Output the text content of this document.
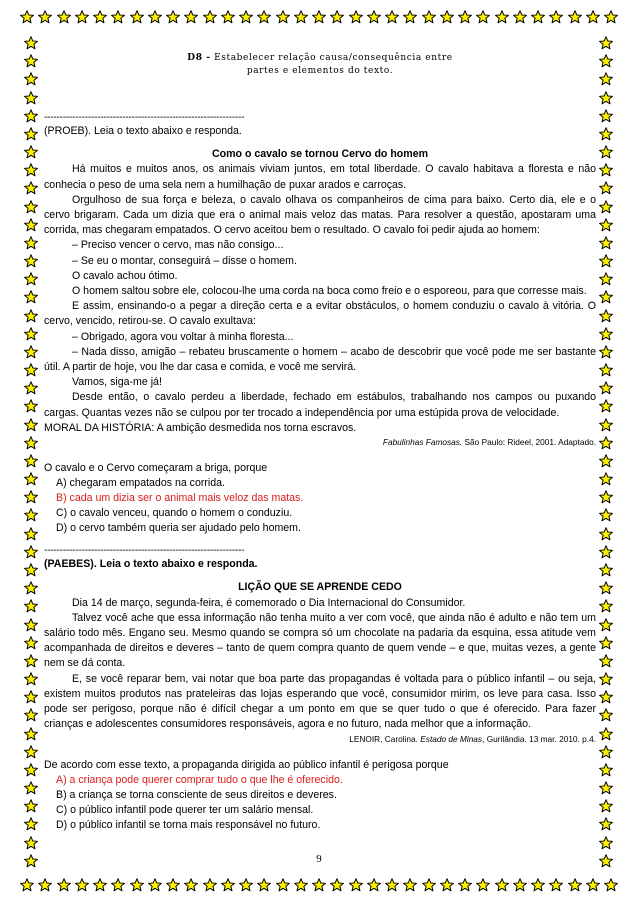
D8 - Estabelecer relação causa/consequência entre
partes e elementos do texto.
----------------------------------------------------------------

(PROEB). Leia o texto abaixo e responda.

Como o cavalo se tornou Cervo do homem

Há muitos e muitos anos, os animais viviam juntos, em total liberdade. O cavalo habitava a floresta e não conhecia o peso de uma sela nem a humilhação de puxar arados e carroças.

Orgulhoso de sua força e beleza, o cavalo olhava os companheiros de cima para baixo. Certo dia, ele e o cervo brigaram. Cada um dizia que era o animal mais veloz das matas. Para resolver a questão, apostaram uma corrida, mas chegaram empatados. O cervo aceitou bem o resultado. O cavalo foi pedir ajuda ao homem:

– Preciso vencer o cervo, mas não consigo...

– Se eu o montar, conseguirá – disse o homem.

O cavalo achou ótimo.

O homem saltou sobre ele, colocou-lhe uma corda na boca como freio e o esporeou, para que corresse mais.

E assim, ensinando-o a pegar a direção certa e a evitar obstáculos, o homem conduziu o cavalo à vitória. O cervo, vencido, retirou-se. O cavalo exultava:

– Obrigado, agora vou voltar à minha floresta...

– Nada disso, amigão – rebateu bruscamente o homem – acabo de descobrir que você pode me ser bastante útil. A partir de hoje, vou lhe dar casa e comida, e você me servirá.

Vamos, siga-me já!

Desde então, o cavalo perdeu a liberdade, fechado em estábulos, trabalhando nos campos ou puxando cargas. Quantas vezes não se culpou por ter trocado a independência por uma estúpida prova de velocidade.

MORAL DA HISTÓRIA: A ambição desmedida nos torna escravos.

Fabulinhas Famosas. São Paulo: Rideel, 2001. Adaptado.

O cavalo e o Cervo começaram a briga, porque

A) chegaram empatados na corrida.

B) cada um dizia ser o animal mais veloz das matas.

C) o cavalo venceu, quando o homem o conduziu.

D) o cervo também queria ser ajudado pelo homem.

----------------------------------------------------------------

(PAEBES). Leia o texto abaixo e responda.

LIÇÃO QUE SE APRENDE CEDO

Dia 14 de março, segunda-feira, é comemorado o Dia Internacional do Consumidor.

Talvez você ache que essa informação não tenha muito a ver com você, que ainda não é adulto e não tem um salário todo mês. Engano seu. Mesmo quando se compra só um chocolate na padaria da esquina, essa atitude vem acompanhada de direitos e deveres – tanto de quem compra quanto de quem vende – e que, muitas vezes, a gente nem se dá conta.

E, se você reparar bem, vai notar que boa parte das propagandas é voltada para o público infantil – ou seja, existem muitos produtos nas prateleiras das lojas esperando que você, consumidor mirim, os leve para casa. Isso pode ser perigoso, porque não é difícil chegar a um ponto em que se quer tudo o que é oferecido. Para fazer crianças e adolescentes consumidores responsáveis, agora e no futuro, nada melhor que a informação.

LENOIR, Carolina. Estado de Minas, Gurilândia. 13 mar. 2010. p.4.

De acordo com esse texto, a propaganda dirigida ao público infantil é perigosa porque

A) a criança pode querer comprar tudo o que lhe é oferecido.

B) a criança se torna consciente de seus direitos e deveres.

C) o público infantil pode querer ter um salário mensal.

D) o público infantil se torna mais responsável no futuro.

9
